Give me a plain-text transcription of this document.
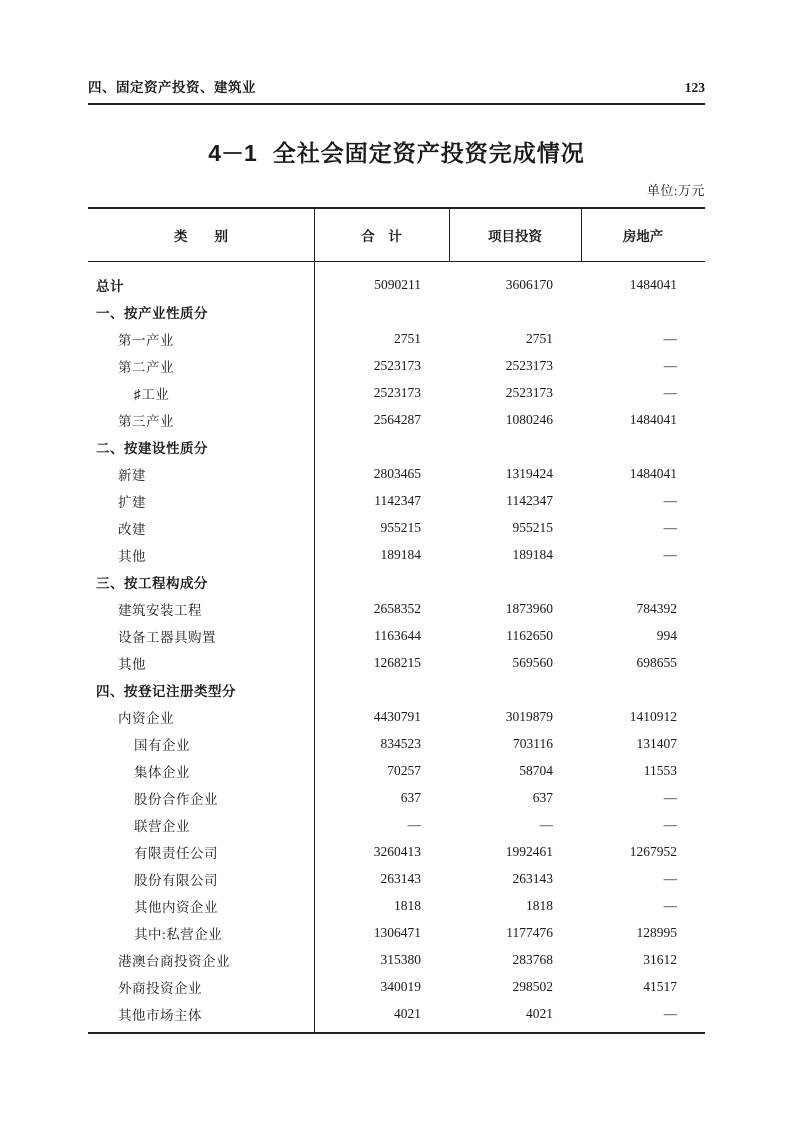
四、固定资产投资、建筑业	123
4－1 全社会固定资产投资完成情况
单位:万元
类　　别	合　计	项目投资	房地产
总计	5090211	3606170	1484041
一、按产业性质分
第一产业	2751	2751	—
第二产业	2523173	2523173	—
♯工业	2523173	2523173	—
第三产业	2564287	1080246	1484041
二、按建设性质分
新建	2803465	1319424	1484041
扩建	1142347	1142347	—
改建	955215	955215	—
其他	189184	189184	—
三、按工程构成分
建筑安装工程	2658352	1873960	784392
设备工器具购置	1163644	1162650	994
其他	1268215	569560	698655
四、按登记注册类型分
内资企业	4430791	3019879	1410912
国有企业	834523	703116	131407
集体企业	70257	58704	11553
股份合作企业	637	637	—
联营企业	—	—	—
有限责任公司	3260413	1992461	1267952
股份有限公司	263143	263143	—
其他内资企业	1818	1818	—
其中:私营企业	1306471	1177476	128995
港澳台商投资企业	315380	283768	31612
外商投资企业	340019	298502	41517
其他市场主体	4021	4021	—
